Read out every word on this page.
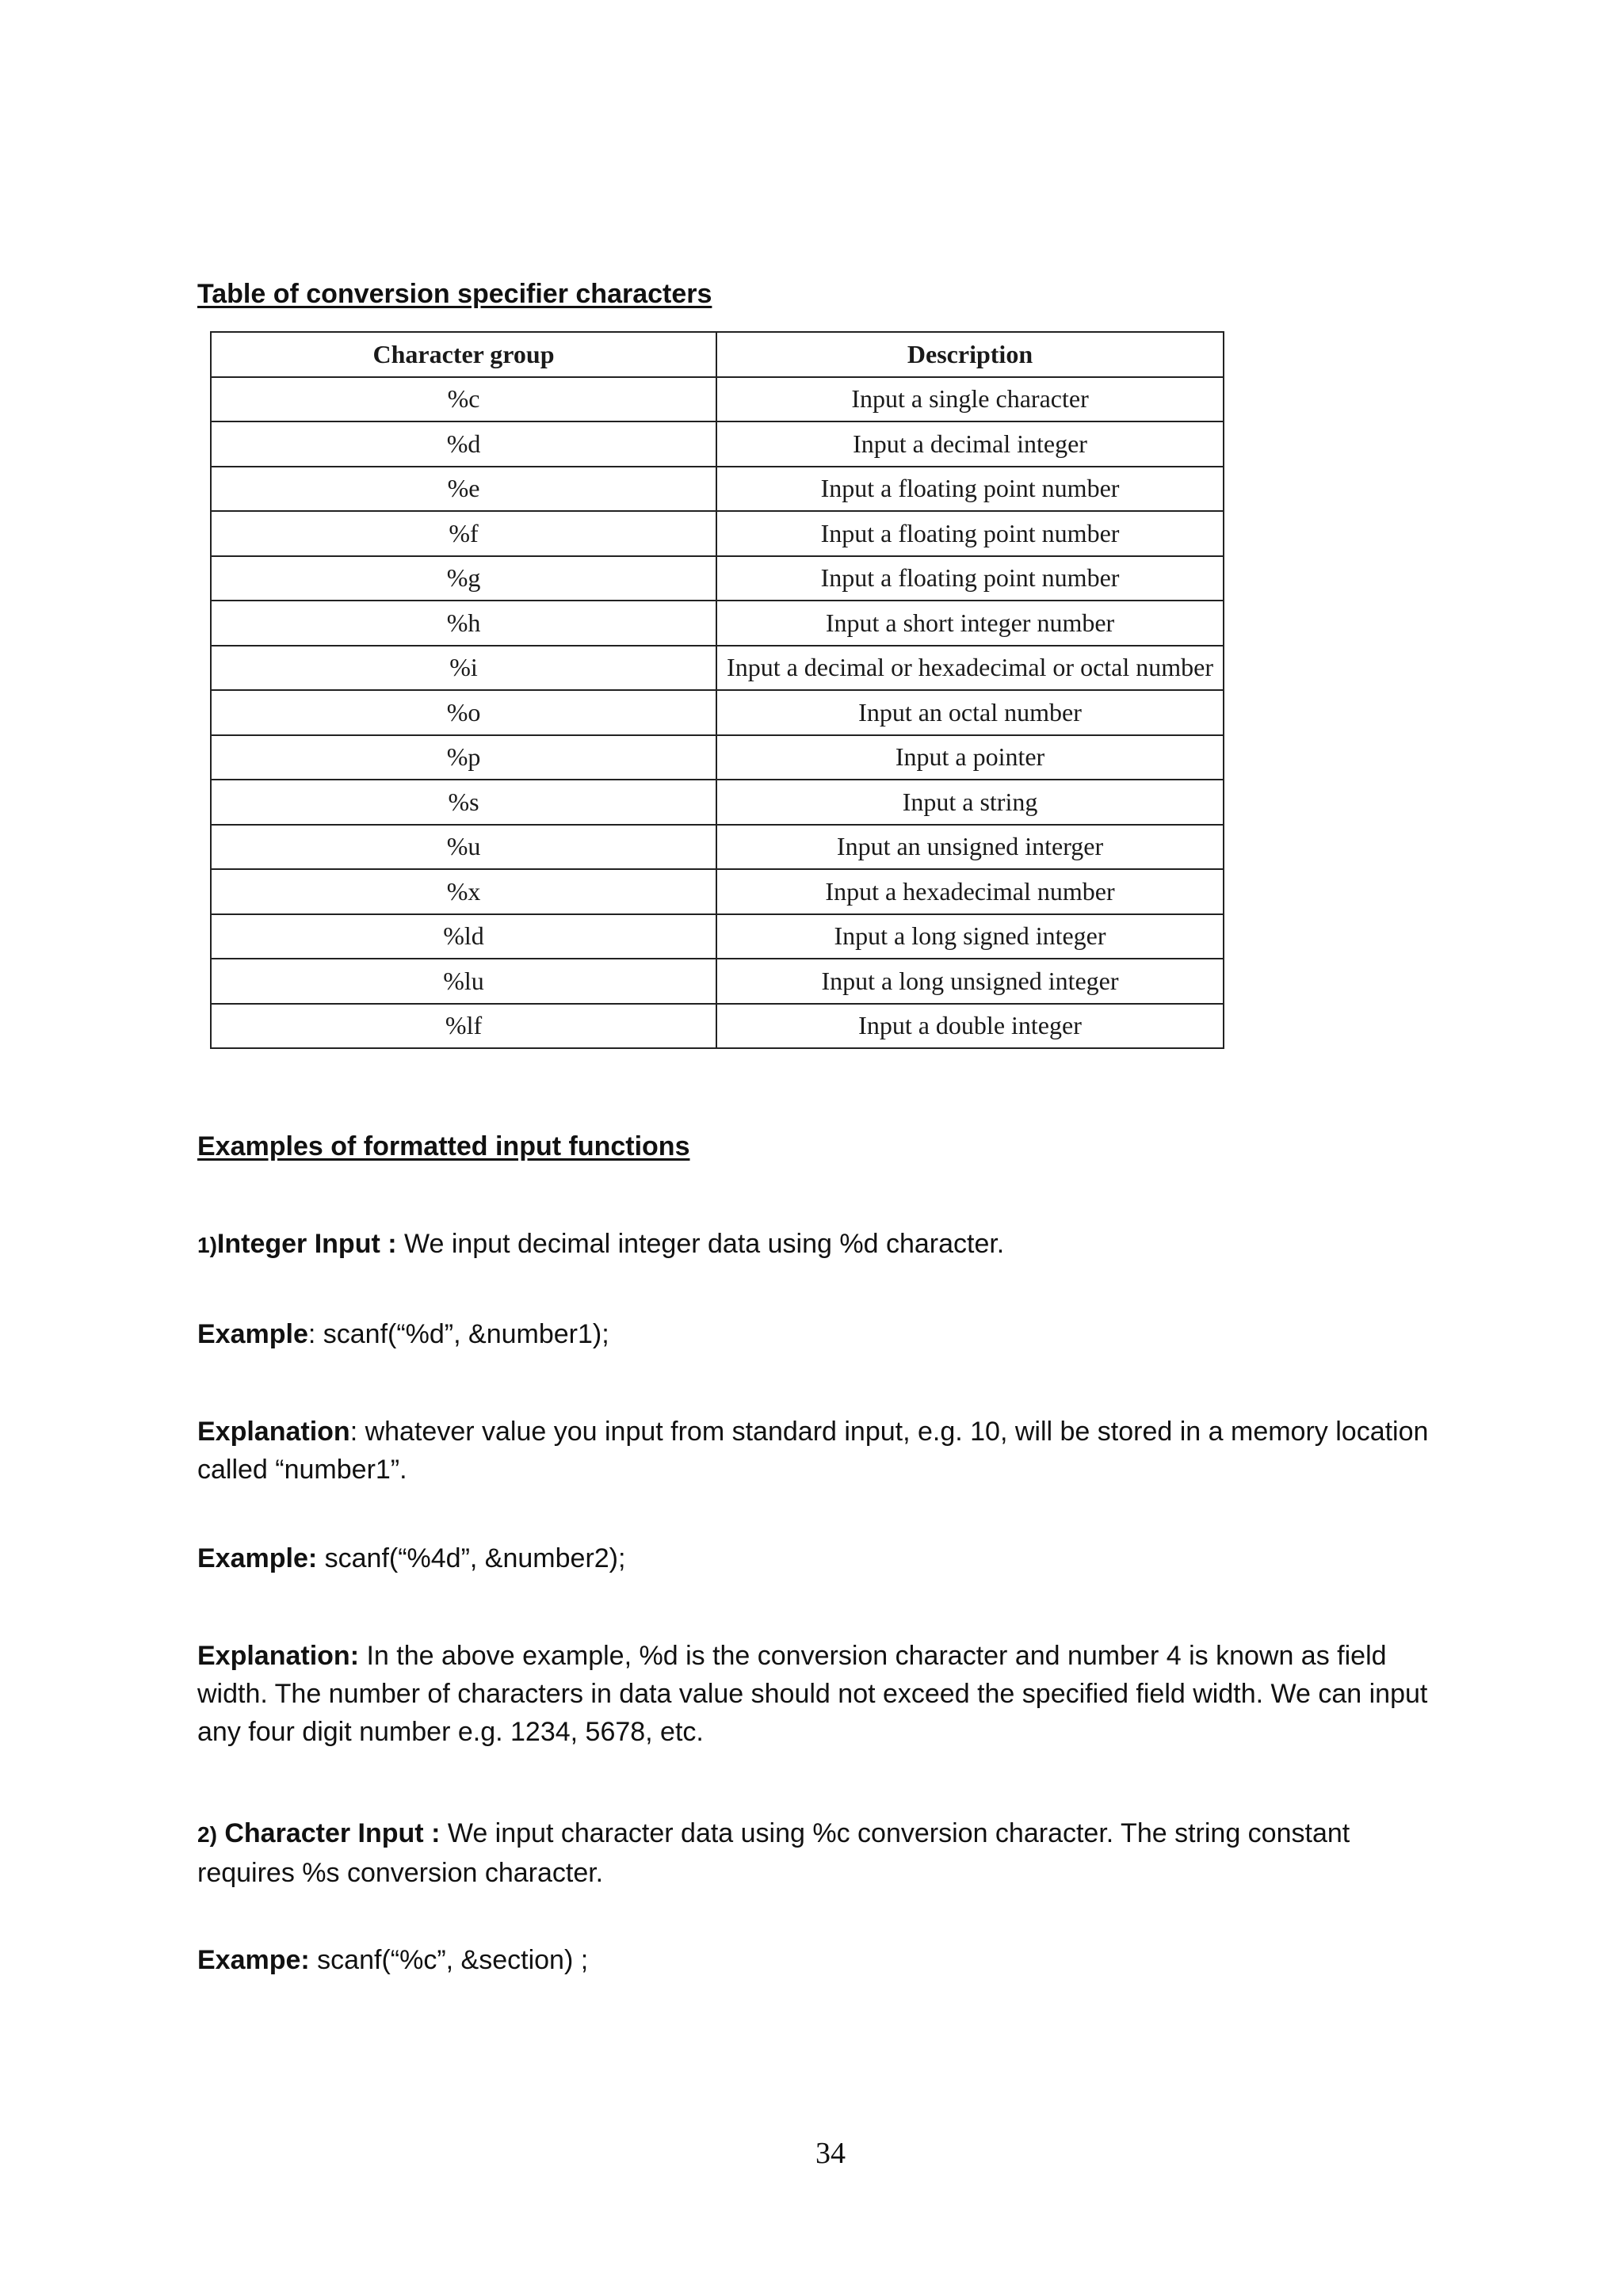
Table of conversion specifier characters
Character group	Description
%c	Input a single character
%d	Input a decimal integer
%e	Input a floating point number
%f	Input a floating point number
%g	Input a floating point number
%h	Input a short integer number
%i	Input a decimal or hexadecimal or octal number
%o	Input an octal number
%p	Input a pointer
%s	Input a string
%u	Input an unsigned interger
%x	Input a hexadecimal number
%ld	Input a long signed integer
%lu	Input a long unsigned integer
%lf	Input a double integer
Examples of formatted input functions

1)Integer Input : We input decimal integer data using %d character.

Example: scanf(“%d”, &number1);

Explanation: whatever value you input from standard input, e.g. 10, will be stored in a memory location called “number1”.

Example: scanf(“%4d”, &number2);

Explanation: In the above example, %d is the conversion character and number 4 is known as field width. The number of characters in data value should not exceed the specified field width. We can input any four digit number e.g. 1234, 5678, etc.

2) Character Input : We input character data using %c conversion character. The string constant requires %s conversion character.

Exampe: scanf(“%c”, &section) ;

34
